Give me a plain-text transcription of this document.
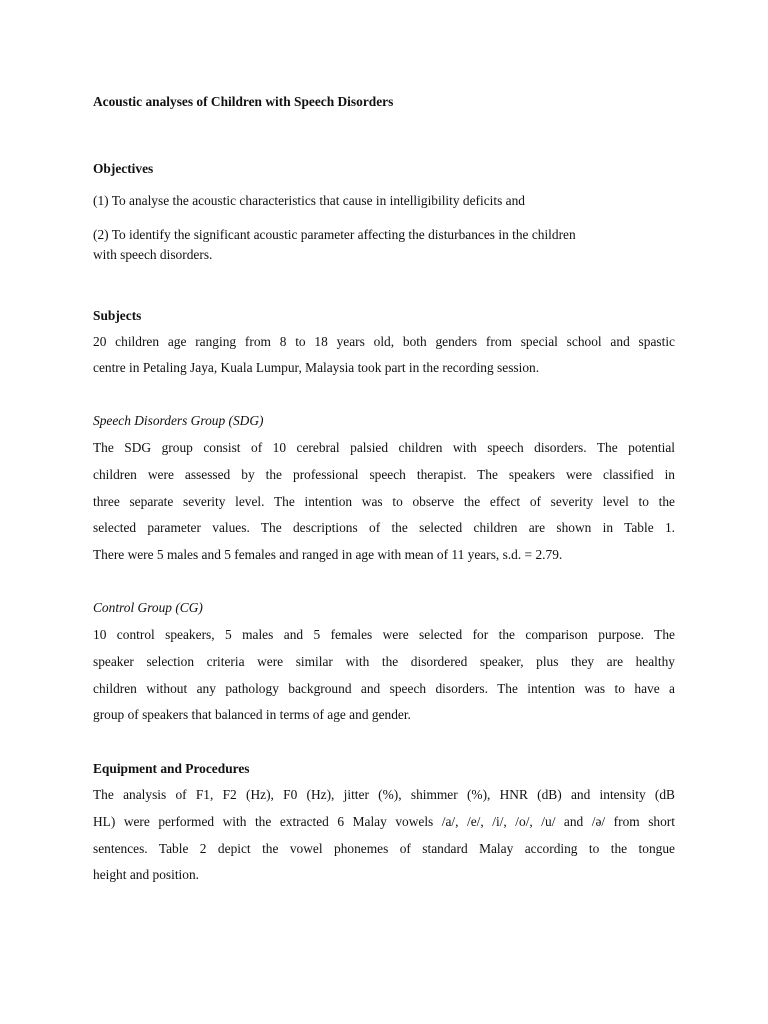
Acoustic analyses of Children with Speech Disorders
Objectives
(1) To analyse the acoustic characteristics that cause in intelligibility deficits and
(2) To identify the significant acoustic parameter affecting the disturbances in the children
with speech disorders.
Subjects
20 children age ranging from 8 to 18 years old, both genders from special school and spastic
centre in Petaling Jaya, Kuala Lumpur, Malaysia took part in the recording session.
Speech Disorders Group (SDG)
The SDG group consist of 10 cerebral palsied children with speech disorders. The potential
children were assessed by the professional speech therapist. The speakers were classified in
three separate severity level. The intention was to observe the effect of severity level to the
selected parameter values. The descriptions of the selected children are shown in Table 1.
There were 5 males and 5 females and ranged in age with mean of 11 years, s.d. = 2.79.
Control Group (CG)
10 control speakers, 5 males and 5 females were selected for the comparison purpose. The
speaker selection criteria were similar with the disordered speaker, plus they are healthy
children without any pathology background and speech disorders. The intention was to have a
group of speakers that balanced in terms of age and gender.
Equipment and Procedures
The analysis of F1, F2 (Hz), F0 (Hz), jitter (%), shimmer (%), HNR (dB) and intensity (dB
HL) were performed with the extracted 6 Malay vowels /a/, /e/, /i/, /o/, /u/ and /ə/ from short
sentences. Table 2 depict the vowel phonemes of standard Malay according to the tongue
height and position.
